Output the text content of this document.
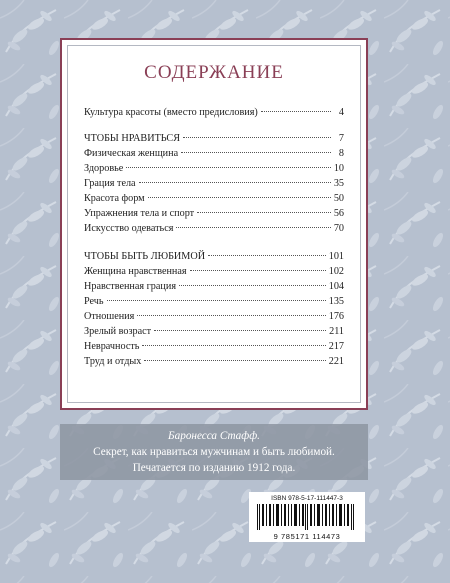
СОДЕРЖАНИЕ
Культура красоты (вместо предисловия)	4
ЧТОБЫ НРАВИТЬСЯ	7
Физическая женщина	8
Здоровье	10
Грация тела	35
Красота форм	50
Упражнения тела и спорт	56
Искусство одеваться	70
ЧТОБЫ БЫТЬ ЛЮБИМОЙ	101
Женщина нравственная	102
Нравственная грация	104
Речь	135
Отношения	176
Зрелый возраст	211
Неврачность	217
Труд и отдых	221
Баронесса Стафф.
Секрет, как нравиться мужчинам и быть любимой.
Печатается по изданию 1912 года.
ISBN 978-5-17-111447-3
9 785171 114473
